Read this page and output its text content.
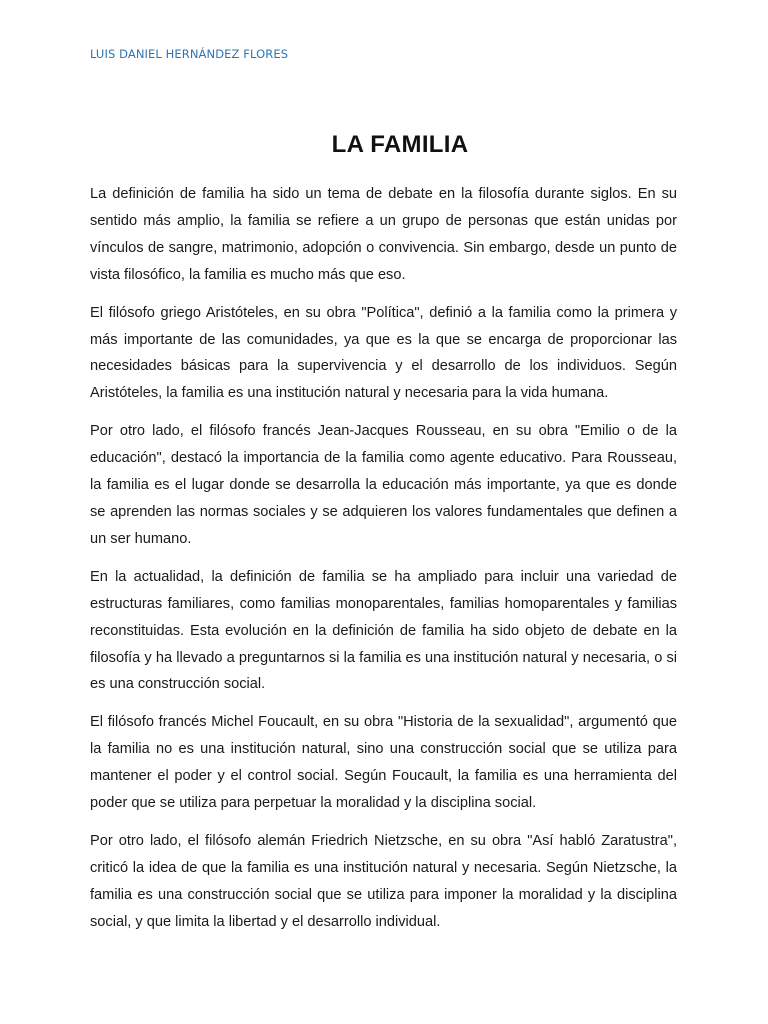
LUIS DANIEL HERNÁNDEZ FLORES
LA FAMILIA

La definición de familia ha sido un tema de debate en la filosofía durante siglos. En su sentido más amplio, la familia se refiere a un grupo de personas que están unidas por vínculos de sangre, matrimonio, adopción o convivencia. Sin embargo, desde un punto de vista filosófico, la familia es mucho más que eso.

El filósofo griego Aristóteles, en su obra "Política", definió a la familia como la primera y más importante de las comunidades, ya que es la que se encarga de proporcionar las necesidades básicas para la supervivencia y el desarrollo de los individuos. Según Aristóteles, la familia es una institución natural y necesaria para la vida humana.

Por otro lado, el filósofo francés Jean-Jacques Rousseau, en su obra "Emilio o de la educación", destacó la importancia de la familia como agente educativo. Para Rousseau, la familia es el lugar donde se desarrolla la educación más importante, ya que es donde se aprenden las normas sociales y se adquieren los valores fundamentales que definen a un ser humano.

En la actualidad, la definición de familia se ha ampliado para incluir una variedad de estructuras familiares, como familias monoparentales, familias homoparentales y familias reconstituidas. Esta evolución en la definición de familia ha sido objeto de debate en la filosofía y ha llevado a preguntarnos si la familia es una institución natural y necesaria, o si es una construcción social.

El filósofo francés Michel Foucault, en su obra "Historia de la sexualidad", argumentó que la familia no es una institución natural, sino una construcción social que se utiliza para mantener el poder y el control social. Según Foucault, la familia es una herramienta del poder que se utiliza para perpetuar la moralidad y la disciplina social.

Por otro lado, el filósofo alemán Friedrich Nietzsche, en su obra "Así habló Zaratustra", criticó la idea de que la familia es una institución natural y necesaria. Según Nietzsche, la familia es una construcción social que se utiliza para imponer la moralidad y la disciplina social, y que limita la libertad y el desarrollo individual.
